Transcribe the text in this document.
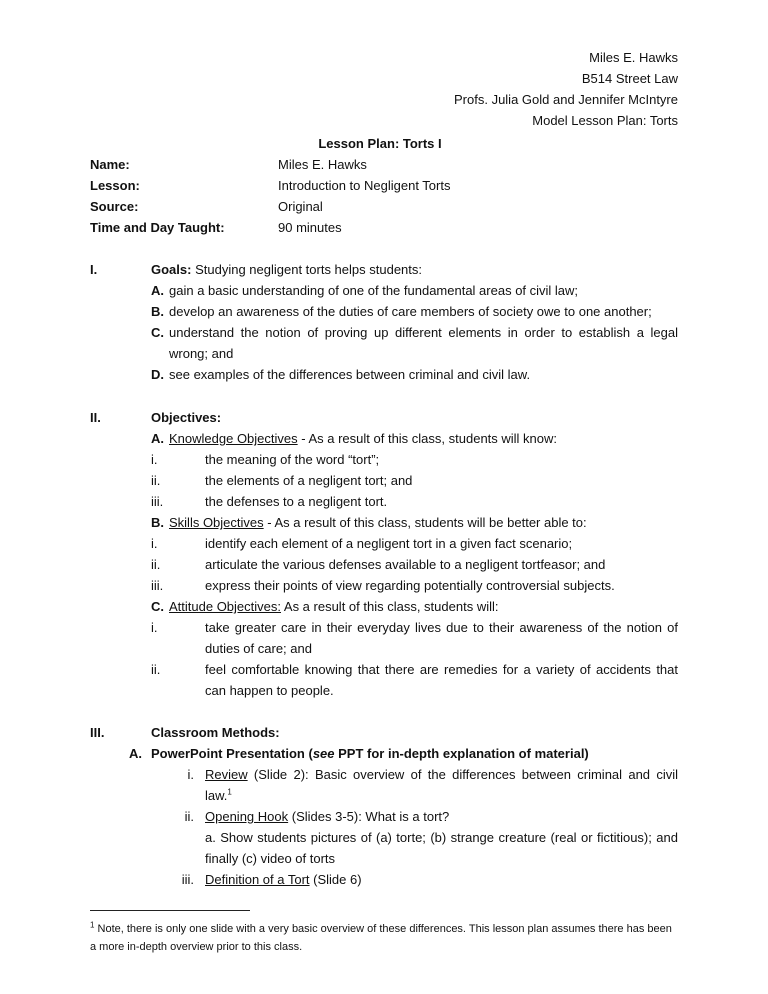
Miles E. Hawks
B514 Street Law
Profs. Julia Gold and Jennifer McIntyre
Model Lesson Plan: Torts
Lesson Plan: Torts I
Name:	Miles E. Hawks
Lesson:	Introduction to Negligent Torts
Source:	Original
Time and Day Taught:	90 minutes
I.	Goals: Studying negligent torts helps students:
A. gain a basic understanding of one of the fundamental areas of civil law;
B. develop an awareness of the duties of care members of society owe to one another;
C. understand the notion of proving up different elements in order to establish a legal wrong; and
D. see examples of the differences between criminal and civil law.
II.	Objectives:
A. Knowledge Objectives - As a result of this class, students will know:
i.	the meaning of the word “tort”;
ii.	the elements of a negligent tort; and
iii.	the defenses to a negligent tort.
B. Skills Objectives - As a result of this class, students will be better able to:
i.	identify each element of a negligent tort in a given fact scenario;
ii.	articulate the various defenses available to a negligent tortfeasor; and
iii.	express their points of view regarding potentially controversial subjects.
C. Attitude Objectives: As a result of this class, students will:
i.	take greater care in their everyday lives due to their awareness of the notion of duties of care; and
ii.	feel comfortable knowing that there are remedies for a variety of accidents that can happen to people.
III.	Classroom Methods:
A. PowerPoint Presentation (see PPT for in-depth explanation of material)
i. Review (Slide 2): Basic overview of the differences between criminal and civil law.$^1$
ii. Opening Hook (Slides 3-5): What is a tort?
a. Show students pictures of (a) torte; (b) strange creature (real or fictitious); and finally (c) video of torts
iii. Definition of a Tort (Slide 6)
$^1$ Note, there is only one slide with a very basic overview of these differences. This lesson plan assumes there has been a more in-depth overview prior to this class.
